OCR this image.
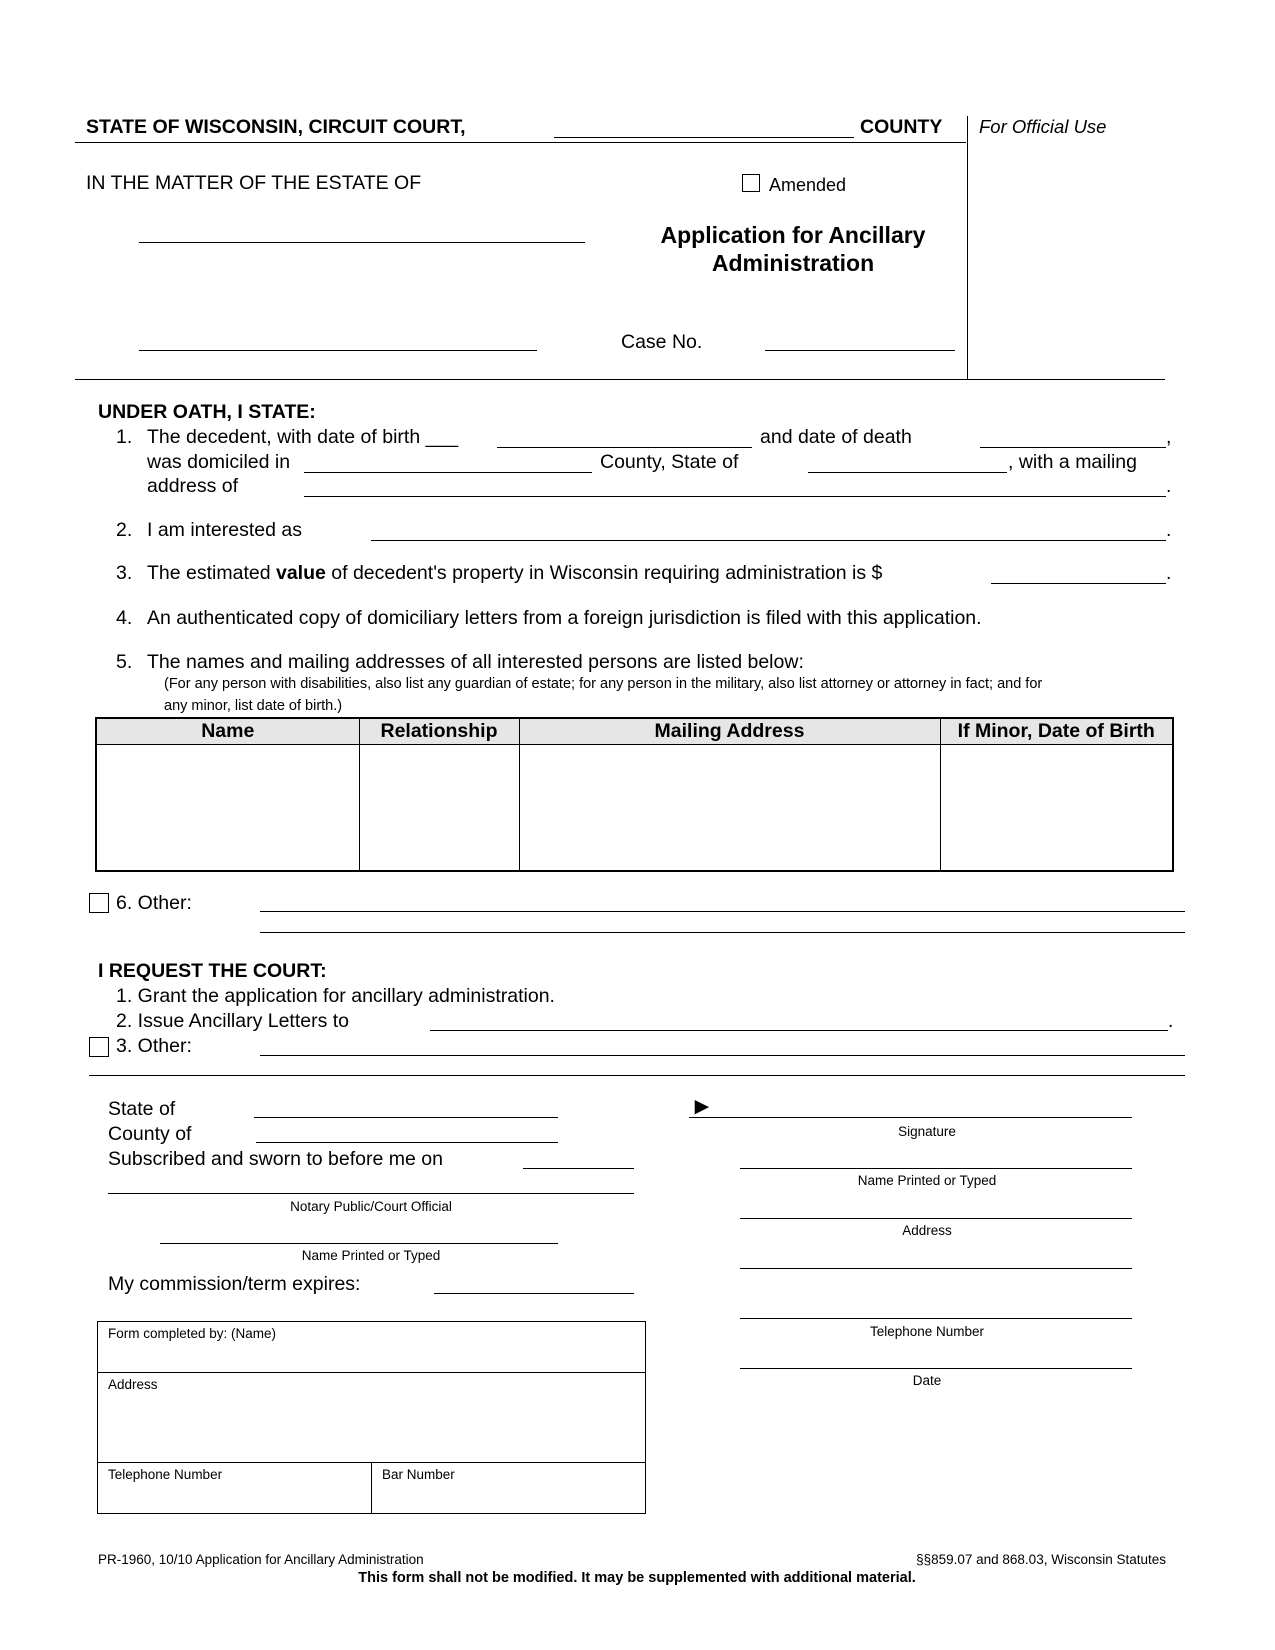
STATE OF WISCONSIN, CIRCUIT COURT,	COUNTY For Official Use
IN THE MATTER OF THE ESTATE OF	Amended
Application for Ancillary
Administration
Case No.
UNDER OATH, I STATE:
1. The decedent, with date of birth ___	and date of death	,
was domiciled in	County, State of	, with a mailing
address of	.
2. I am interested as	.
3. The estimated value of decedent's property in Wisconsin requiring administration is $	.
4. An authenticated copy of domiciliary letters from a foreign jurisdiction is filed with this application.
5. The names and mailing addresses of all interested persons are listed below:
(For any person with disabilities, also list any guardian of estate; for any person in the military, also list attorney or attorney in fact; and for
any minor, list date of birth.)
Name	Relationship	Mailing Address	If Minor, Date of Birth

6. Other:
I REQUEST THE COURT:
1. Grant the application for ancillary administration.
2. Issue Ancillary Letters to	.
3. Other:
State of
County of
Subscribed and sworn to before me on
Notary Public/Court Official
Name Printed or Typed
My commission/term expires:
►
Signature
Name Printed or Typed
Address
Telephone Number
Date
Form completed by: (Name)
Address
Telephone Number	Bar Number
PR-1960, 10/10 Application for Ancillary Administration	§§859.07 and 868.03, Wisconsin Statutes
This form shall not be modified. It may be supplemented with additional material.
